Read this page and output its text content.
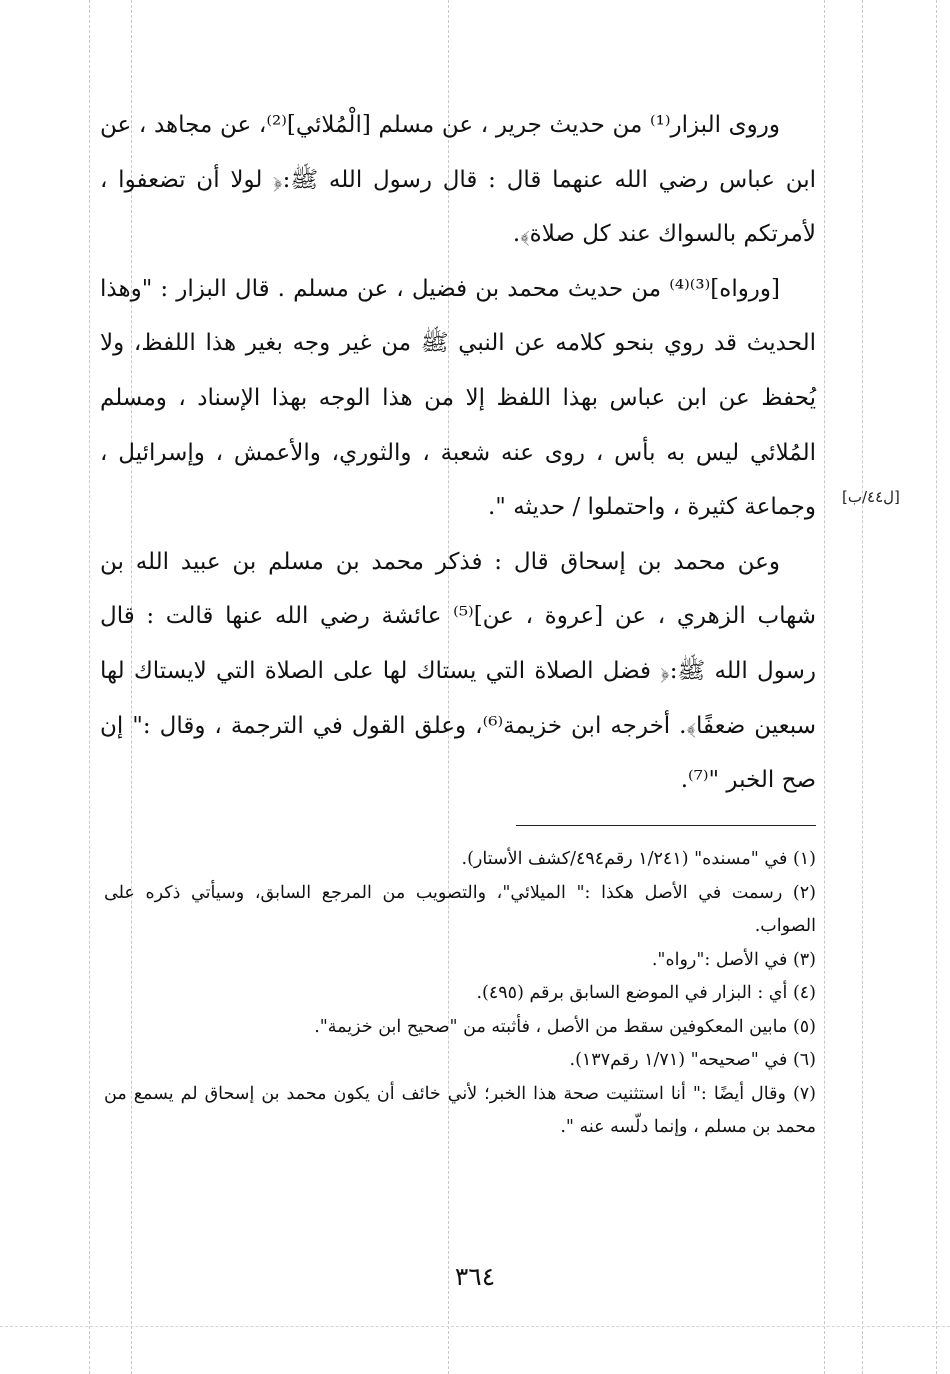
وروى البزار⁽¹⁾ من حديث جرير ، عن مسلم [الْمُلائي]⁽²⁾، عن مجاهد ، عن ابن عباس رضي الله عنهما قال : قال رسول الله ﷺ:﴿ لولا أن تضعفوا ، لأمرتكم بالسواك عند كل صلاة﴾.

[ورواه]⁽³⁾⁽⁴⁾ من حديث محمد بن فضيل ، عن مسلم . قال البزار : "وهذا الحديث قد روي بنحو كلامه عن النبي ﷺ من غير وجه بغير هذا اللفظ، ولا يُحفظ عن ابن عباس بهذا اللفظ إلا من هذا الوجه بهذا الإسناد ، ومسلم المُلائي ليس به بأس ، روى عنه شعبة ، والثوري، والأعمش ، وإسرائيل ، وجماعة كثيرة ، واحتملوا / حديثه ".

وعن محمد بن إسحاق قال : فذكر محمد بن مسلم بن عبيد الله بن شهاب الزهري ، عن [عروة ، عن]⁽⁵⁾ عائشة رضي الله عنها قالت : قال رسول الله ﷺ:﴿ فضل الصلاة التي يستاك لها على الصلاة التي لايستاك لها سبعين ضعفًا﴾. أخرجه ابن خزيمة⁽⁶⁾، وعلق القول في الترجمة ، وقال :" إن صح الخبر "⁽⁷⁾.

[ل٤٤/ب]

(١) في "مسنده" (١/٢٤١ رقم٤٩٤/كشف الأستار).

(٢) رسمت في الأصل هكذا :" الميلائي"، والتصويب من المرجع السابق، وسيأتي ذكره على الصواب.

(٣) في الأصل :"رواه".

(٤) أي : البزار في الموضع السابق برقم (٤٩٥).

(٥) مابين المعكوفين سقط من الأصل ، فأثبته من "صحيح ابن خزيمة".

(٦) في "صحيحه" (١/٧١ رقم١٣٧).

(٧) وقال أيضًا :" أنا استثنيت صحة هذا الخبر؛ لأني خائف أن يكون محمد بن إسحاق لم يسمع من محمد بن مسلم ، وإنما دلّسه عنه ".

٣٦٤
